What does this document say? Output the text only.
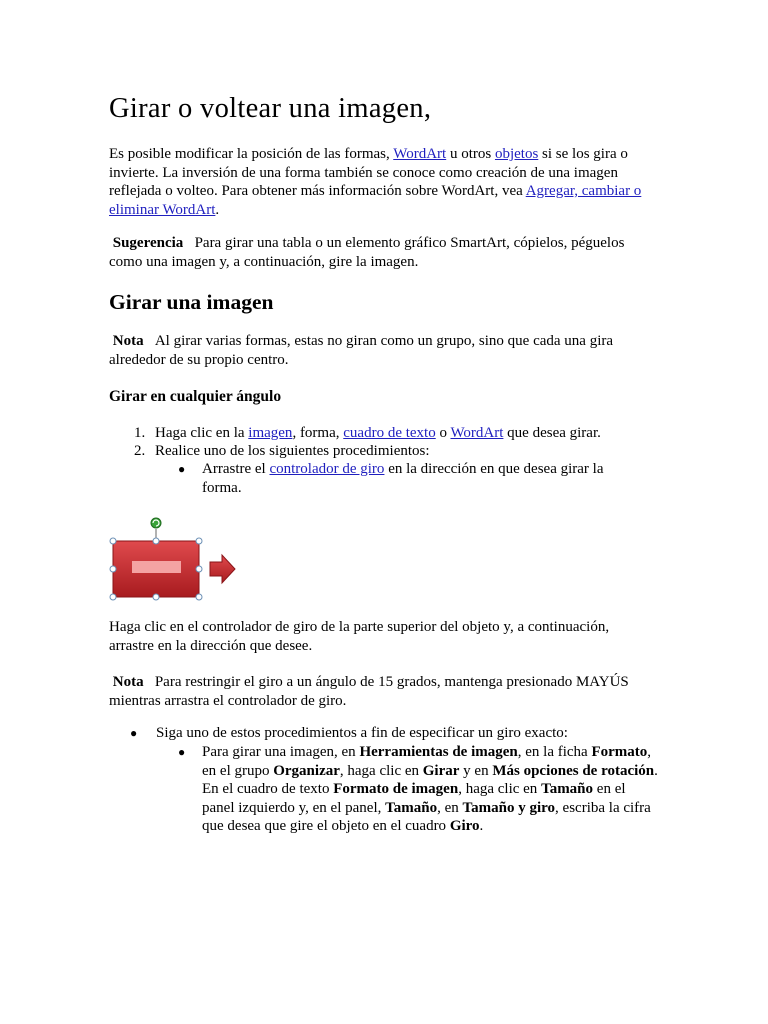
Girar o voltear una imagen,

Es posible modificar la posición de las formas, WordArt u otros objetos si se los gira o invierte. La inversión de una forma también se conoce como creación de una imagen reflejada o volteo. Para obtener más información sobre WordArt, vea Agregar, cambiar o eliminar WordArt.

Sugerencia Para girar una tabla o un elemento gráfico SmartArt, cópielos, péguelos como una imagen y, a continuación, gire la imagen.

Girar una imagen

Nota Al girar varias formas, estas no giran como un grupo, sino que cada una gira alrededor de su propio centro.

Girar en cualquier ángulo
1. Haga clic en la imagen, forma, cuadro de texto o WordArt que desea girar.
2. Realice uno de los siguientes procedimientos:
● Arrastre el controlador de giro en la dirección en que desea girar la forma.

Haga clic en el controlador de giro de la parte superior del objeto y, a continuación, arrastre en la dirección que desee.

Nota Para restringir el giro a un ángulo de 15 grados, mantenga presionado MAYÚS mientras arrastra el controlador de giro.

● Siga uno de estos procedimientos a fin de especificar un giro exacto:

● Para girar una imagen, en Herramientas de imagen, en la ficha Formato, en el grupo Organizar, haga clic en Girar y en Más opciones de rotación. En el cuadro de texto Formato de imagen, haga clic en Tamaño en el panel izquierdo y, en el panel, Tamaño, en Tamaño y giro, escriba la cifra que desea que gire el objeto en el cuadro Giro.
